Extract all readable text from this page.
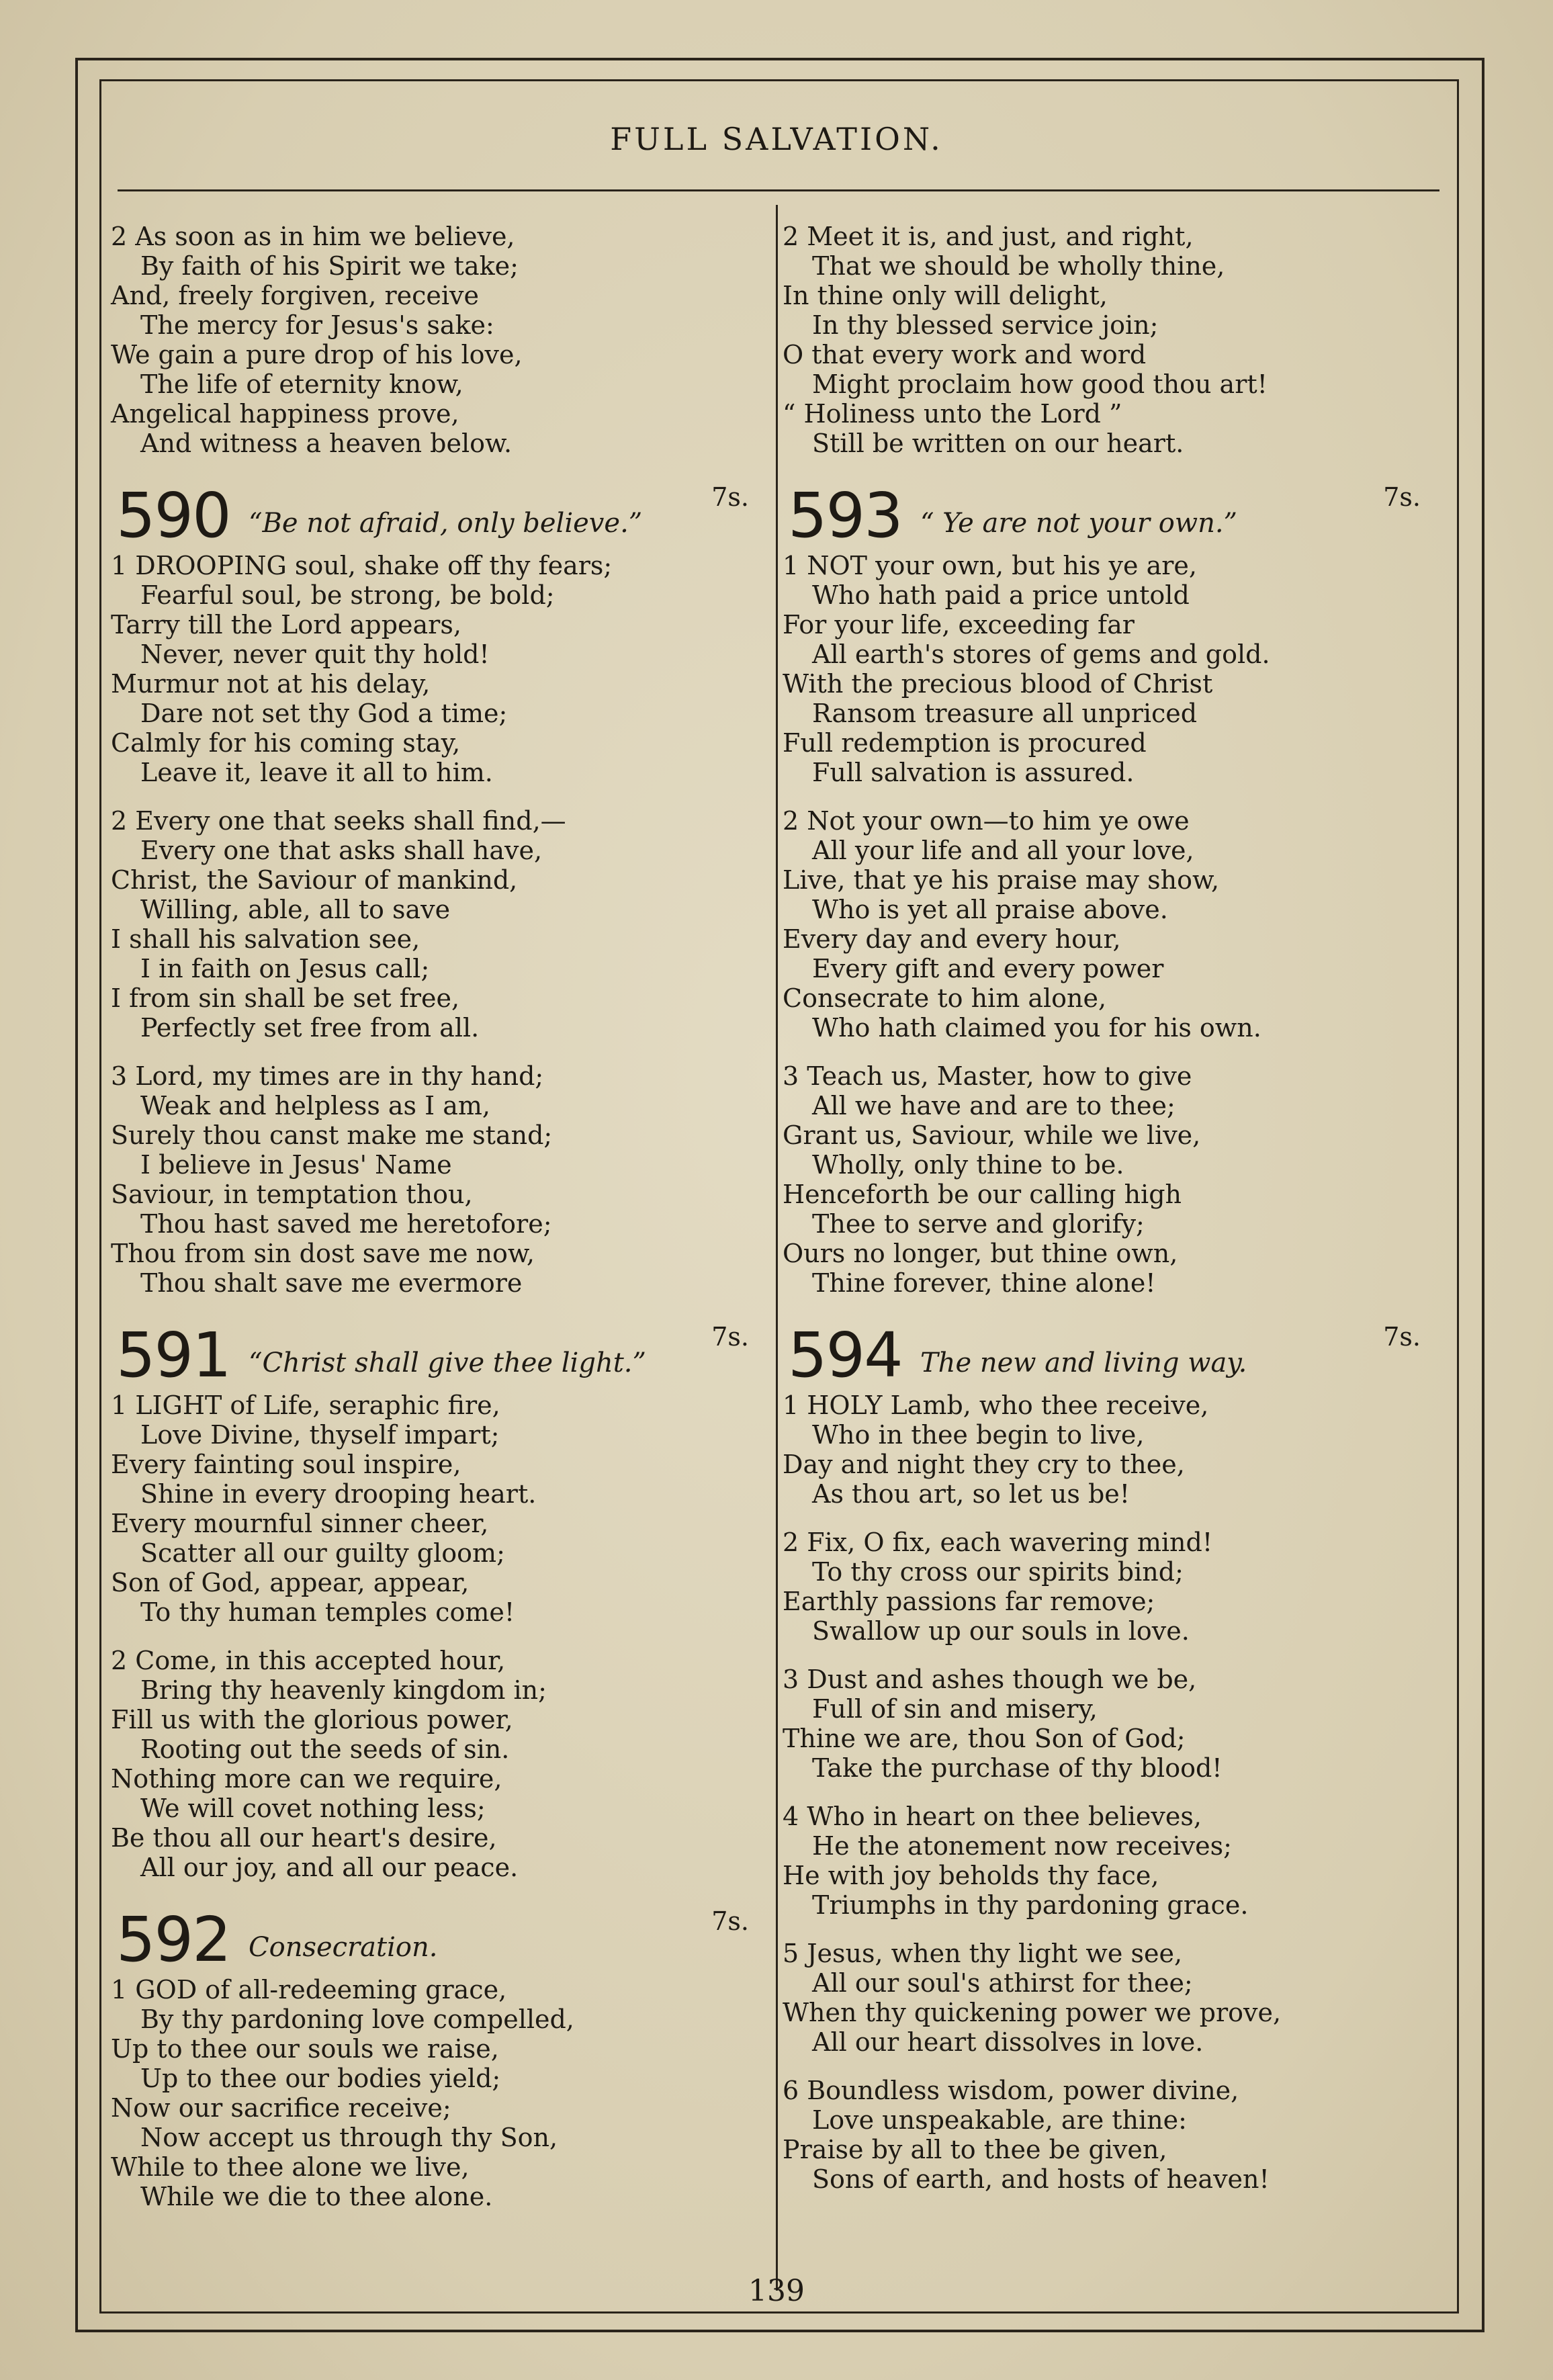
FULL SALVATION.
2 As soon as in him we believe,
By faith of his Spirit we take;
And, freely forgiven, receive
The mercy for Jesus's sake:
We gain a pure drop of his love,
The life of eternity know,
Angelical happiness prove,
And witness a heaven below.
590 “Be not afraid, only believe.”
7s.
1 DROOPING soul, shake off thy fears;
Fearful soul, be strong, be bold;
Tarry till the Lord appears,
Never, never quit thy hold!
Murmur not at his delay,
Dare not set thy God a time;
Calmly for his coming stay,
Leave it, leave it all to him.
2 Every one that seeks shall find,—
Every one that asks shall have,
Christ, the Saviour of mankind,
Willing, able, all to save
I shall his salvation see,
I in faith on Jesus call;
I from sin shall be set free,
Perfectly set free from all.
3 Lord, my times are in thy hand;
Weak and helpless as I am,
Surely thou canst make me stand;
I believe in Jesus' Name
Saviour, in temptation thou,
Thou hast saved me heretofore;
Thou from sin dost save me now,
Thou shalt save me evermore
591 “Christ shall give thee light.”
7s.
1 LIGHT of Life, seraphic fire,
Love Divine, thyself impart;
Every fainting soul inspire,
Shine in every drooping heart.
Every mournful sinner cheer,
Scatter all our guilty gloom;
Son of God, appear, appear,
To thy human temples come!
2 Come, in this accepted hour,
Bring thy heavenly kingdom in;
Fill us with the glorious power,
Rooting out the seeds of sin.
Nothing more can we require,
We will covet nothing less;
Be thou all our heart's desire,
All our joy, and all our peace.
592 Consecration.
7s.
1 GOD of all-redeeming grace,
By thy pardoning love compelled,
Up to thee our souls we raise,
Up to thee our bodies yield;
Now our sacrifice receive;
Now accept us through thy Son,
While to thee alone we live,
While we die to thee alone.
2 Meet it is, and just, and right,
That we should be wholly thine,
In thine only will delight,
In thy blessed service join;
O that every work and word
Might proclaim how good thou art!
“ Holiness unto the Lord ”
Still be written on our heart.
593 “ Ye are not your own.”
7s.
1 NOT your own, but his ye are,
Who hath paid a price untold
For your life, exceeding far
All earth's stores of gems and gold.
With the precious blood of Christ
Ransom treasure all unpriced
Full redemption is procured
Full salvation is assured.
2 Not your own—to him ye owe
All your life and all your love,
Live, that ye his praise may show,
Who is yet all praise above.
Every day and every hour,
Every gift and every power
Consecrate to him alone,
Who hath claimed you for his own.
3 Teach us, Master, how to give
All we have and are to thee;
Grant us, Saviour, while we live,
Wholly, only thine to be.
Henceforth be our calling high
Thee to serve and glorify;
Ours no longer, but thine own,
Thine forever, thine alone!
594 The new and living way.
7s.
1 HOLY Lamb, who thee receive,
Who in thee begin to live,
Day and night they cry to thee,
As thou art, so let us be!
2 Fix, O fix, each wavering mind!
To thy cross our spirits bind;
Earthly passions far remove;
Swallow up our souls in love.
3 Dust and ashes though we be,
Full of sin and misery,
Thine we are, thou Son of God;
Take the purchase of thy blood!
4 Who in heart on thee believes,
He the atonement now receives;
He with joy beholds thy face,
Triumphs in thy pardoning grace.
5 Jesus, when thy light we see,
All our soul's athirst for thee;
When thy quickening power we prove,
All our heart dissolves in love.
6 Boundless wisdom, power divine,
Love unspeakable, are thine:
Praise by all to thee be given,
Sons of earth, and hosts of heaven!
139
